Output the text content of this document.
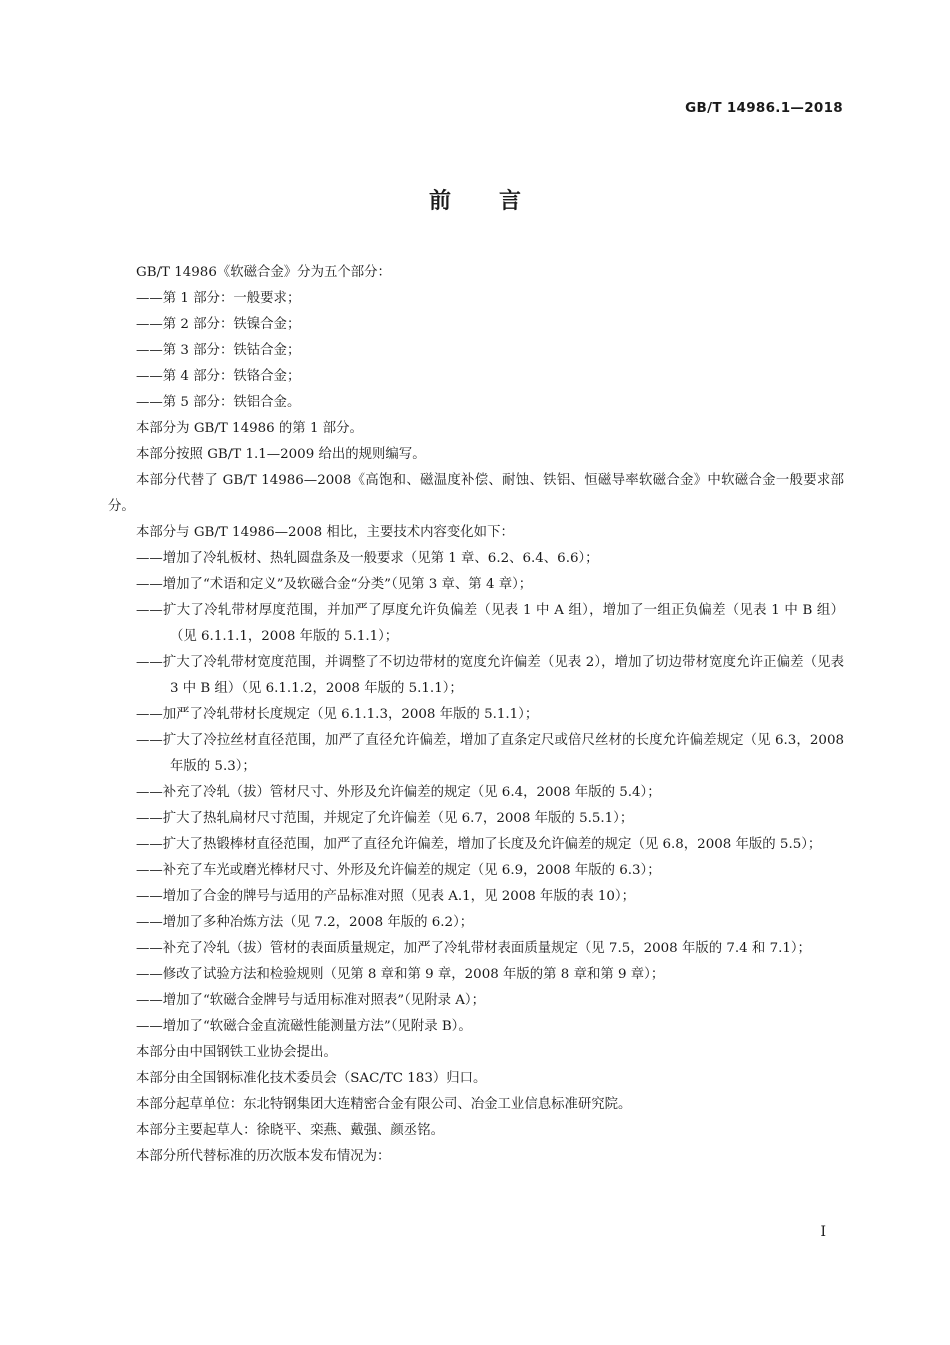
GB/T 14986.1—2018
前言

GB/T 14986《软磁合金》分为五个部分：

——第 1 部分：一般要求；

——第 2 部分：铁镍合金；

——第 3 部分：铁钴合金；

——第 4 部分：铁铬合金；

——第 5 部分：铁铝合金。

本部分为 GB/T 14986 的第 1 部分。

本部分按照 GB/T 1.1—2009 给出的规则编写。

本部分代替了 GB/T 14986—2008《高饱和、磁温度补偿、耐蚀、铁铝、恒磁导率软磁合金》中软磁合金一般要求部分。

本部分与 GB/T 14986—2008 相比，主要技术内容变化如下：

——增加了冷轧板材、热轧圆盘条及一般要求（见第 1 章、6.2、6.4、6.6）；

——增加了“术语和定义”及软磁合金“分类”（见第 3 章、第 4 章）；

——扩大了冷轧带材厚度范围，并加严了厚度允许负偏差（见表 1 中 A 组），增加了一组正负偏差（见表 1 中 B 组）（见 6.1.1.1，2008 年版的 5.1.1）；

——扩大了冷轧带材宽度范围，并调整了不切边带材的宽度允许偏差（见表 2），增加了切边带材宽度允许正偏差（见表 3 中 B 组）（见 6.1.1.2，2008 年版的 5.1.1）；

——加严了冷轧带材长度规定（见 6.1.1.3，2008 年版的 5.1.1）；

——扩大了冷拉丝材直径范围，加严了直径允许偏差，增加了直条定尺或倍尺丝材的长度允许偏差规定（见 6.3，2008 年版的 5.3）；

——补充了冷轧（拔）管材尺寸、外形及允许偏差的规定（见 6.4，2008 年版的 5.4）；

——扩大了热轧扁材尺寸范围，并规定了允许偏差（见 6.7，2008 年版的 5.5.1）；

——扩大了热锻棒材直径范围，加严了直径允许偏差，增加了长度及允许偏差的规定（见 6.8，2008 年版的 5.5）；

——补充了车光或磨光棒材尺寸、外形及允许偏差的规定（见 6.9，2008 年版的 6.3）；

——增加了合金的牌号与适用的产品标准对照（见表 A.1，见 2008 年版的表 10）；

——增加了多种冶炼方法（见 7.2，2008 年版的 6.2）；

——补充了冷轧（拔）管材的表面质量规定，加严了冷轧带材表面质量规定（见 7.5，2008 年版的 7.4 和 7.1）；

——修改了试验方法和检验规则（见第 8 章和第 9 章，2008 年版的第 8 章和第 9 章）；

——增加了“软磁合金牌号与适用标准对照表”（见附录 A）；

——增加了“软磁合金直流磁性能测量方法”（见附录 B）。

本部分由中国钢铁工业协会提出。

本部分由全国钢标准化技术委员会（SAC/TC 183）归口。

本部分起草单位：东北特钢集团大连精密合金有限公司、冶金工业信息标准研究院。

本部分主要起草人：徐晓平、栾燕、戴强、颜丞铭。

本部分所代替标准的历次版本发布情况为：

I
